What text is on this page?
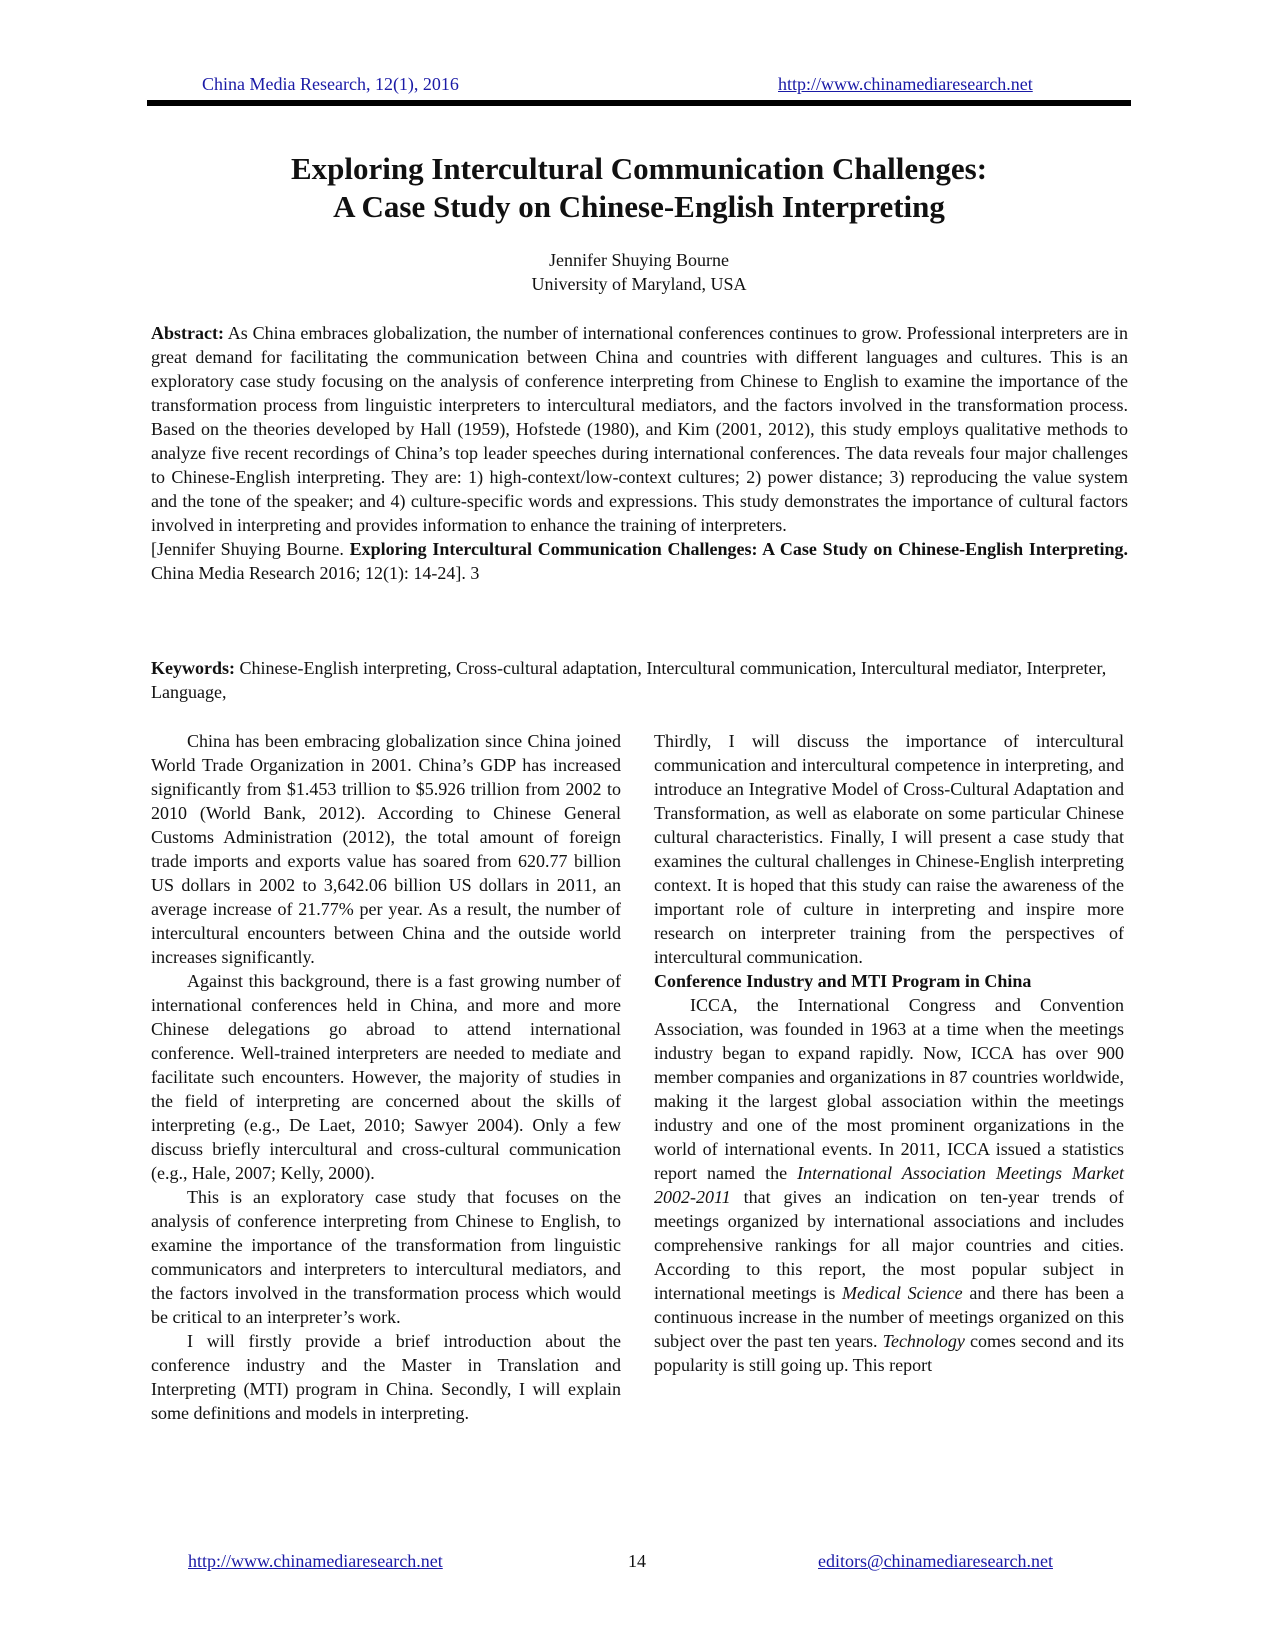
China Media Research, 12(1), 2016	http://www.chinamediaresearch.net
Exploring Intercultural Communication Challenges:
A Case Study on Chinese-English Interpreting
Jennifer Shuying Bourne
University of Maryland, USA
Abstract: As China embraces globalization, the number of international conferences continues to grow. Professional interpreters are in great demand for facilitating the communication between China and countries with different languages and cultures. This is an exploratory case study focusing on the analysis of conference interpreting from Chinese to English to examine the importance of the transformation process from linguistic interpreters to intercultural mediators, and the factors involved in the transformation process. Based on the theories developed by Hall (1959), Hofstede (1980), and Kim (2001, 2012), this study employs qualitative methods to analyze five recent recordings of China’s top leader speeches during international conferences. The data reveals four major challenges to Chinese-English interpreting. They are: 1) high-context/low-context cultures; 2) power distance; 3) reproducing the value system and the tone of the speaker; and 4) culture-specific words and expressions. This study demonstrates the importance of cultural factors involved in interpreting and provides information to enhance the training of interpreters.
[Jennifer Shuying Bourne. Exploring Intercultural Communication Challenges: A Case Study on Chinese-English Interpreting. China Media Research 2016; 12(1): 14-24]. 3
Keywords: Chinese-English interpreting, Cross-cultural adaptation, Intercultural communication, Intercultural mediator, Interpreter, Language,

China has been embracing globalization since China joined World Trade Organization in 2001. China’s GDP has increased significantly from $1.453 trillion to $5.926 trillion from 2002 to 2010 (World Bank, 2012). According to Chinese General Customs Administration (2012), the total amount of foreign trade imports and exports value has soared from 620.77 billion US dollars in 2002 to 3,642.06 billion US dollars in 2011, an average increase of 21.77% per year. As a result, the number of intercultural encounters between China and the outside world increases significantly.

Against this background, there is a fast growing number of international conferences held in China, and more and more Chinese delegations go abroad to attend international conference. Well-trained interpreters are needed to mediate and facilitate such encounters. However, the majority of studies in the field of interpreting are concerned about the skills of interpreting (e.g., De Laet, 2010; Sawyer 2004). Only a few discuss briefly intercultural and cross-cultural communication (e.g., Hale, 2007; Kelly, 2000).

This is an exploratory case study that focuses on the analysis of conference interpreting from Chinese to English, to examine the importance of the transformation from linguistic communicators and interpreters to intercultural mediators, and the factors involved in the transformation process which would be critical to an interpreter’s work.

I will firstly provide a brief introduction about the conference industry and the Master in Translation and Interpreting (MTI) program in China. Secondly, I will explain some definitions and models in interpreting.

Thirdly, I will discuss the importance of intercultural communication and intercultural competence in interpreting, and introduce an Integrative Model of Cross-Cultural Adaptation and Transformation, as well as elaborate on some particular Chinese cultural characteristics. Finally, I will present a case study that examines the cultural challenges in Chinese-English interpreting context. It is hoped that this study can raise the awareness of the important role of culture in interpreting and inspire more research on interpreter training from the perspectives of intercultural communication.

Conference Industry and MTI Program in China

ICCA, the International Congress and Convention Association, was founded in 1963 at a time when the meetings industry began to expand rapidly. Now, ICCA has over 900 member companies and organizations in 87 countries worldwide, making it the largest global association within the meetings industry and one of the most prominent organizations in the world of international events. In 2011, ICCA issued a statistics report named the International Association Meetings Market 2002-2011 that gives an indication on ten-year trends of meetings organized by international associations and includes comprehensive rankings for all major countries and cities. According to this report, the most popular subject in international meetings is Medical Science and there has been a continuous increase in the number of meetings organized on this subject over the past ten years. Technology comes second and its popularity is still going up. This report

http://www.chinamediaresearch.net	14	editors@chinamediaresearch.net
